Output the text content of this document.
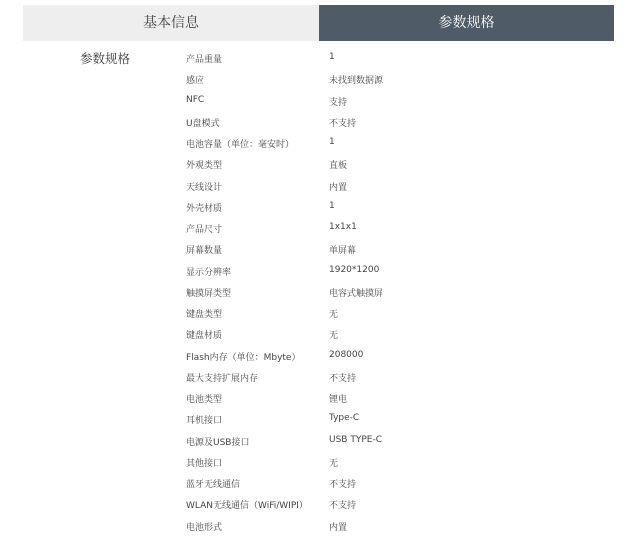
基本信息	参数规格
参数规格	产品重量	1
感应	未找到数据源
NFC	支持
U盘模式	不支持
电池容量（单位：毫安时）	1
外观类型	直板
天线设计	内置
外壳材质	1
产品尺寸	1x1x1
屏幕数量	单屏幕
显示分辨率	1920*1200
触摸屏类型	电容式触摸屏
键盘类型	无
键盘材质	无
Flash内存（单位：Mbyte）	208000
最大支持扩展内存	不支持
电池类型	锂电
耳机接口	Type-C
电源及USB接口	USB TYPE-C
其他接口	无
蓝牙无线通信	不支持
WLAN无线通信（WiFi/WIPI） 不支持
电池形式	内置
